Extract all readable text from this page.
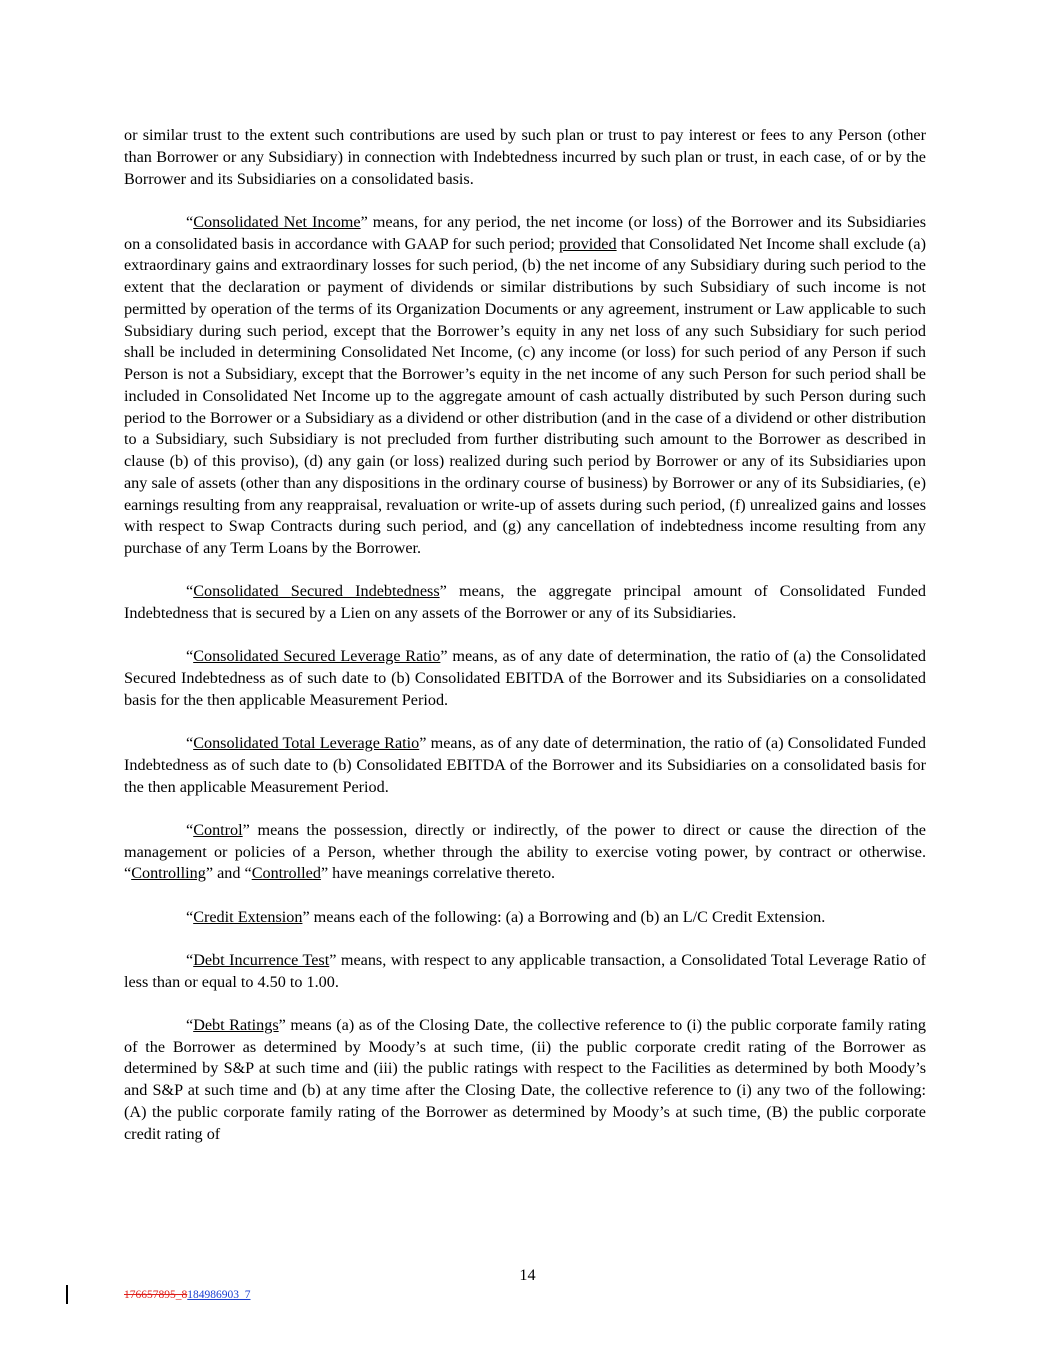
or similar trust to the extent such contributions are used by such plan or trust to pay interest or fees to any Person (other than Borrower or any Subsidiary) in connection with Indebtedness incurred by such plan or trust, in each case, of or by the Borrower and its Subsidiaries on a consolidated basis.

“Consolidated Net Income” means, for any period, the net income (or loss) of the Borrower and its Subsidiaries on a consolidated basis in accordance with GAAP for such period; provided that Consolidated Net Income shall exclude (a) extraordinary gains and extraordinary losses for such period, (b) the net income of any Subsidiary during such period to the extent that the declaration or payment of dividends or similar distributions by such Subsidiary of such income is not permitted by operation of the terms of its Organization Documents or any agreement, instrument or Law applicable to such Subsidiary during such period, except that the Borrower’s equity in any net loss of any such Subsidiary for such period shall be included in determining Consolidated Net Income, (c) any income (or loss) for such period of any Person if such Person is not a Subsidiary, except that the Borrower’s equity in the net income of any such Person for such period shall be included in Consolidated Net Income up to the aggregate amount of cash actually distributed by such Person during such period to the Borrower or a Subsidiary as a dividend or other distribution (and in the case of a dividend or other distribution to a Subsidiary, such Subsidiary is not precluded from further distributing such amount to the Borrower as described in clause (b) of this proviso), (d) any gain (or loss) realized during such period by Borrower or any of its Subsidiaries upon any sale of assets (other than any dispositions in the ordinary course of business) by Borrower or any of its Subsidiaries, (e) earnings resulting from any reappraisal, revaluation or write-up of assets during such period, (f) unrealized gains and losses with respect to Swap Contracts during such period, and (g) any cancellation of indebtedness income resulting from any purchase of any Term Loans by the Borrower.

“Consolidated Secured Indebtedness” means, the aggregate principal amount of Consolidated Funded Indebtedness that is secured by a Lien on any assets of the Borrower or any of its Subsidiaries.

“Consolidated Secured Leverage Ratio” means, as of any date of determination, the ratio of (a) the Consolidated Secured Indebtedness as of such date to (b) Consolidated EBITDA of the Borrower and its Subsidiaries on a consolidated basis for the then applicable Measurement Period.

“Consolidated Total Leverage Ratio” means, as of any date of determination, the ratio of (a) Consolidated Funded Indebtedness as of such date to (b) Consolidated EBITDA of the Borrower and its Subsidiaries on a consolidated basis for the then applicable Measurement Period.

“Control” means the possession, directly or indirectly, of the power to direct or cause the direction of the management or policies of a Person, whether through the ability to exercise voting power, by contract or otherwise. “Controlling” and “Controlled” have meanings correlative thereto.

“Credit Extension” means each of the following: (a) a Borrowing and (b) an L/C Credit Extension.

“Debt Incurrence Test” means, with respect to any applicable transaction, a Consolidated Total Leverage Ratio of less than or equal to 4.50 to 1.00.

“Debt Ratings” means (a) as of the Closing Date, the collective reference to (i) the public corporate family rating of the Borrower as determined by Moody’s at such time, (ii) the public corporate credit rating of the Borrower as determined by S&P at such time and (iii) the public ratings with respect to the Facilities as determined by both Moody’s and S&P at such time and (b) at any time after the Closing Date, the collective reference to (i) any two of the following: (A) the public corporate family rating of the Borrower as determined by Moody’s at such time, (B) the public corporate credit rating of

14
176657895_8184986903_7
